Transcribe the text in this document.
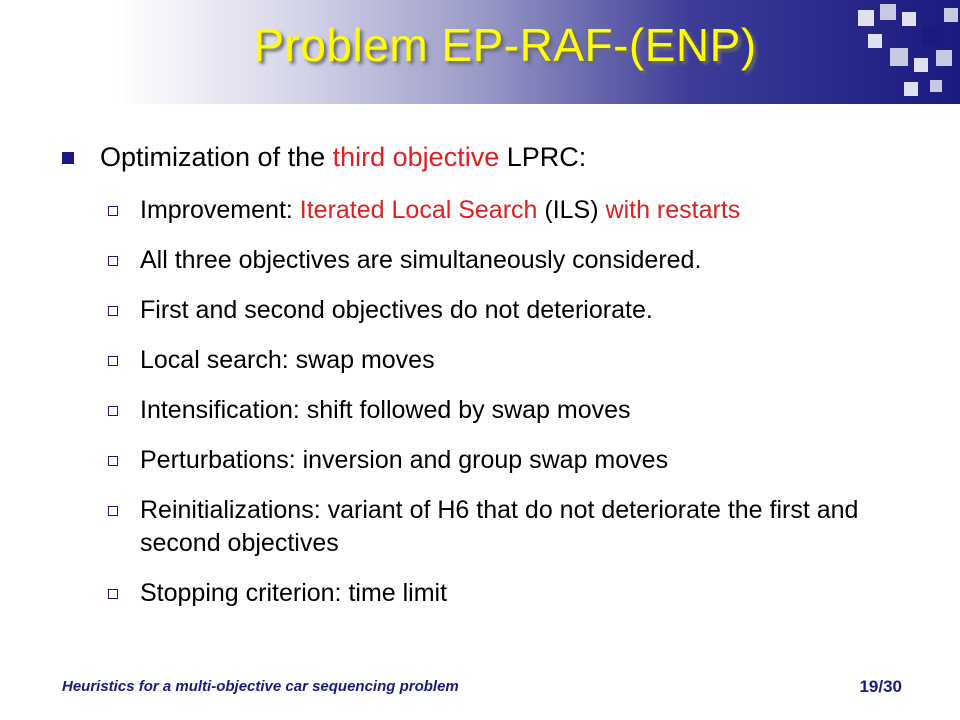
Problem EP-RAF-(ENP)
Optimization of the third objective LPRC:
Improvement: Iterated Local Search (ILS) with restarts
All three objectives are simultaneously considered.
First and second objectives do not deteriorate.
Local search: swap moves
Intensification: shift followed by swap moves
Perturbations: inversion and group swap moves
Reinitializations: variant of H6 that do not deteriorate the first and second objectives
Stopping criterion: time limit
Heuristics for a multi-objective car sequencing problem	19/30
